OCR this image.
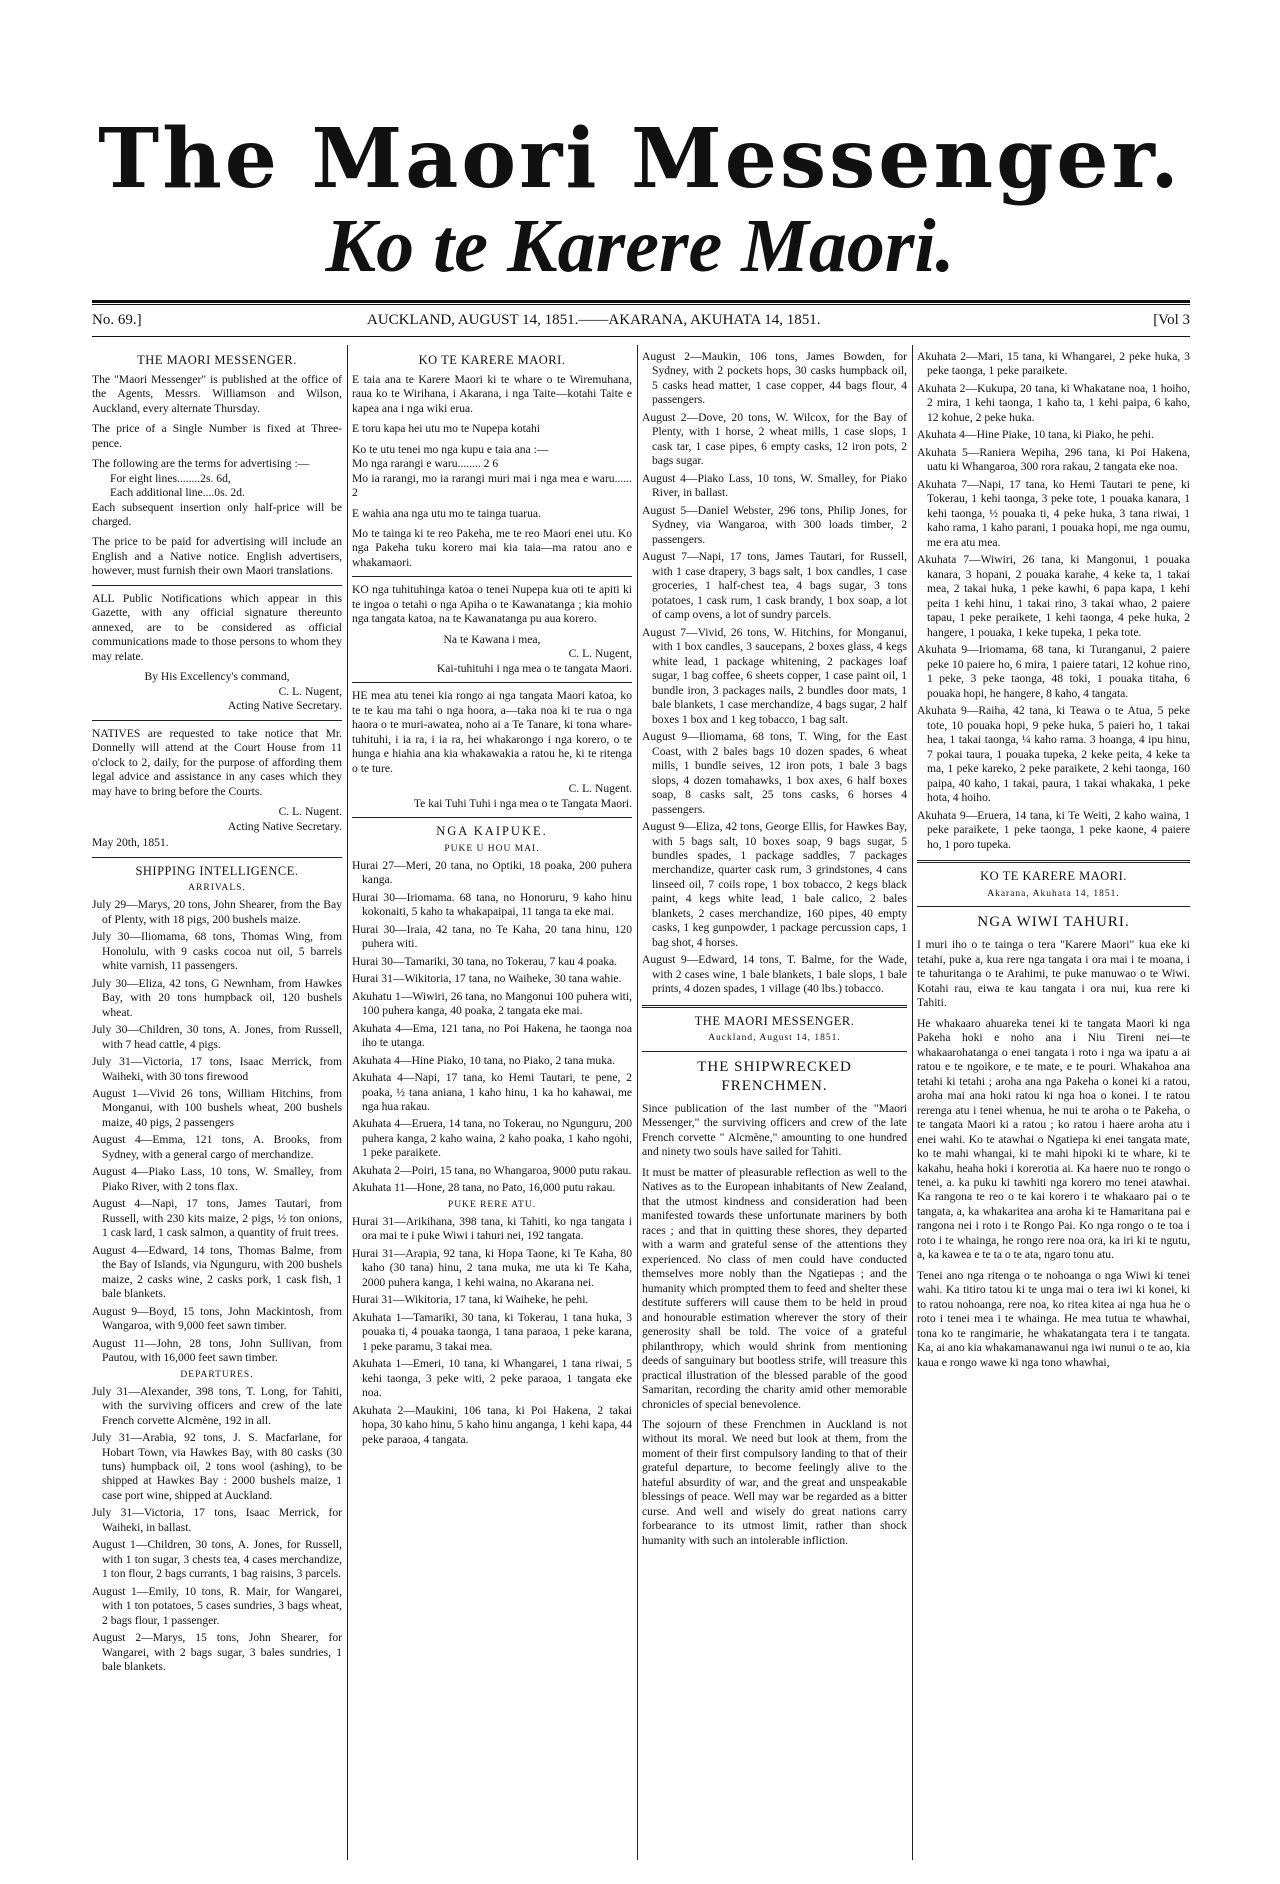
The Maori Messenger.
Ko te Karere Maori.
No. 69.]	AUCKLAND, AUGUST 14, 1851.——AKARANA, AKUHATA 14, 1851.	[Vol 3
THE MAORI MESSENGER.

The "Maori Messenger" is published at the office of the Agents, Messrs. Williamson and Wilson, Auckland, every alternate Thursday.

The price of a Single Number is fixed at Three-pence.

The following are the terms for advertising :—

For eight lines........2s. 6d,

Each additional line....0s. 2d.

Each subsequent insertion only half-price will be charged.

The price to be paid for advertising will include an English and a Native notice. English advertisers, however, must furnish their own Maori translations.

ALL Public Notifications which appear in this Gazette, with any official signature thereunto annexed, are to be considered as official communications made to those persons to whom they may relate.

By His Excellency's command,

C. L. Nugent,

Acting Native Secretary.

NATIVES are requested to take notice that Mr. Donnelly will attend at the Court House from 11 o'clock to 2, daily, for the purpose of affording them legal advice and assistance in any cases which they may have to bring before the Courts.

C. L. Nugent.

Acting Native Secretary.

May 20th, 1851.

SHIPPING INTELLIGENCE.
ARRIVALS.

July 29—Marys, 20 tons, John Shearer, from the Bay of Plenty, with 18 pigs, 200 bushels maize.

July 30—Iliomama, 68 tons, Thomas Wing, from Honolulu, with 9 casks cocoa nut oil, 5 barrels white varnish, 11 passengers.

July 30—Eliza, 42 tons, G Newnham, from Hawkes Bay, with 20 tons humpback oil, 120 bushels wheat.

July 30—Children, 30 tons, A. Jones, from Russell, with 7 head cattle, 4 pigs.

July 31—Victoria, 17 tons, Isaac Merrick, from Waiheki, with 30 tons firewood

August 1—Vivid 26 tons, William Hitchins, from Monganui, with 100 bushels wheat, 200 bushels maize, 40 pigs, 2 passengers

August 4—Emma, 121 tons, A. Brooks, from Sydney, with a general cargo of merchandize.

August 4—Piako Lass, 10 tons, W. Smalley, from Piako River, with 2 tons flax.

August 4—Napi, 17 tons, James Tautari, from Russell, with 230 kits maize, 2 pigs, ½ ton onions, 1 cask lard, 1 cask salmon, a quantity of fruit trees.

August 4—Edward, 14 tons, Thomas Balme, from the Bay of Islands, via Ngunguru, with 200 bushels maize, 2 casks wine, 2 casks pork, 1 cask fish, 1 bale blankets.

August 9—Boyd, 15 tons, John Mackintosh, from Wangaroa, with 9,000 feet sawn timber.

August 11—John, 28 tons, John Sullivan, from Pautou, with 16,000 feet sawn timber.

DEPARTURES.

July 31—Alexander, 398 tons, T. Long, for Tahiti, with the surviving officers and crew of the late French corvette Alcmène, 192 in all.

July 31—Arabia, 92 tons, J. S. Macfarlane, for Hobart Town, via Hawkes Bay, with 80 casks (30 tuns) humpback oil, 2 tons wool (ashing), to be shipped at Hawkes Bay : 2000 bushels maize, 1 case port wine, shipped at Auckland.

July 31—Victoria, 17 tons, Isaac Merrick, for Waiheki, in ballast.

August 1—Children, 30 tons, A. Jones, for Russell, with 1 ton sugar, 3 chests tea, 4 cases merchandize, 1 ton flour, 2 bags currants, 1 bag raisins, 3 parcels.

August 1—Emily, 10 tons, R. Mair, for Wangarei, with 1 ton potatoes, 5 cases sundries, 3 bags wheat, 2 bags flour, 1 passenger.

August 2—Marys, 15 tons, John Shearer, for Wangarei, with 2 bags sugar, 3 bales sundries, 1 bale blankets.

KO TE KARERE MAORI.

E taia ana te Karere Maori ki te whare o te Wiremuhana, raua ko te Wirihana, i Akarana, i nga Taite—kotahi Taite e kapea ana i nga wiki erua.

E toru kapa hei utu mo te Nupepa kotahi

Ko te utu tenei mo nga kupu e taia ana :—

Mo nga rarangi e waru........ 2 6

Mo ia rarangi, mo ia rarangi muri mai i nga mea e waru...... 2

E wahia ana nga utu mo te tainga tuarua.

Mo te tainga ki te reo Pakeha, me te reo Maori enei utu. Ko nga Pakeha tuku korero mai kia taia—ma ratou ano e whakamaori.

KO nga tuhituhinga katoa o tenei Nupepa kua oti te apiti ki te ingoa o tetahi o nga Apiha o te Kawanatanga ; kia mohio nga tangata katoa, na te Kawanatanga pu aua korero.

Na te Kawana i mea,

C. L. Nugent,

Kai-tuhituhi i nga mea o te tangata Maori.

HE mea atu tenei kia rongo ai nga tangata Maori katoa, ko te te kau ma tahi o nga hoora, a—taka noa ki te rua o nga haora o te muri-awatea, noho ai a Te Tanare, ki tona whare-tuhituhi, i ia ra, i ia ra, hei whakarongo i nga korero, o te hunga e hiahia ana kia whakawakia a ratou he, ki te ritenga o te ture.

C. L. Nugent.

Te kai Tuhi Tuhi i nga mea o te Tangata Maori.

NGA KAIPUKE.
PUKE U HOU MAI.

Hurai 27—Meri, 20 tana, no Optiki, 18 poaka, 200 puhera kanga.

Hurai 30—Iriomama. 68 tana, no Honoruru, 9 kaho hinu kokonaiti, 5 kaho ta whakapaipai, 11 tanga ta eke mai.

Hurai 30—Iraia, 42 tana, no Te Kaha, 20 tana hinu, 120 puhera witi.

Hurai 30—Tamariki, 30 tana, no Tokerau, 7 kau 4 poaka.

Hurai 31—Wikitoria, 17 tana, no Waiheke, 30 tana wahie.

Akuhatu 1—Wiwiri, 26 tana, no Mangonui 100 puhera witi, 100 puhera kanga, 40 poaka, 2 tangata eke mai.

Akuhata 4—Ema, 121 tana, no Poi Hakena, he taonga noa iho te utanga.

Akuhata 4—Hine Piako, 10 tana, no Piako, 2 tana muka.

Akuhata 4—Napi, 17 tana, ko Hemi Tautari, te pene, 2 poaka, ½ tana aniana, 1 kaho hinu, 1 ka ho kahawai, me nga hua rakau.

Akuhata 4—Eruera, 14 tana, no Tokerau, no Ngunguru, 200 puhera kanga, 2 kaho waina, 2 kaho poaka, 1 kaho ngohi, 1 peke paraikete.

Akuhata 2—Poiri, 15 tana, no Whangaroa, 9000 putu rakau.

Akuhata 11—Hone, 28 tana, no Pato, 16,000 putu rakau.

PUKE RERE ATU.

Hurai 31—Arikihana, 398 tana, ki Tahiti, ko nga tangata i ora mai te i puke Wiwi i tahuri nei, 192 tangata.

Hurai 31—Arapia, 92 tana, ki Hopa Taone, ki Te Kaha, 80 kaho (30 tana) hinu, 2 tana muka, me uta ki Te Kaha, 2000 puhera kanga, 1 kehi waina, no Akarana nei.

Hurai 31—Wikitoria, 17 tana, ki Waiheke, he pehi.

Akuhata 1—Tamariki, 30 tana, ki Tokerau, 1 tana huka, 3 pouaka ti, 4 pouaka taonga, 1 tana paraoa, 1 peke karana, 1 peke paramu, 3 takai mea.

Akuhata 1—Emeri, 10 tana, ki Whangarei, 1 tana riwai, 5 kehi taonga, 3 peke witi, 2 peke paraoa, 1 tangata eke noa.

Akuhata 2—Maukini, 106 tana, ki Poi Hakena, 2 takai hopa, 30 kaho hinu, 5 kaho hinu anganga, 1 kehi kapa, 44 peke paraoa, 4 tangata.

August 2—Maukin, 106 tons, James Bowden, for Sydney, with 2 pockets hops, 30 casks humpback oil, 5 casks head matter, 1 case copper, 44 bags flour, 4 passengers.

August 2—Dove, 20 tons, W. Wilcox, for the Bay of Plenty, with 1 horse, 2 wheat mills, 1 case slops, 1 cask tar, 1 case pipes, 6 empty casks, 12 iron pots, 2 bags sugar.

August 4—Piako Lass, 10 tons, W. Smalley, for Piako River, in ballast.

August 5—Daniel Webster, 296 tons, Philip Jones, for Sydney, via Wangaroa, with 300 loads timber, 2 passengers.

August 7—Napi, 17 tons, James Tautari, for Russell, with 1 case drapery, 3 bags salt, 1 box candles, 1 case groceries, 1 half-chest tea, 4 bags sugar, 3 tons potatoes, 1 cask rum, 1 cask brandy, 1 box soap, a lot of camp ovens, a lot of sundry parcels.

August 7—Vivid, 26 tons, W. Hitchins, for Monganui, with 1 box candles, 3 saucepans, 2 boxes glass, 4 kegs white lead, 1 package whitening, 2 packages loaf sugar, 1 bag coffee, 6 sheets copper, 1 case paint oil, 1 bundle iron, 3 packages nails, 2 bundles door mats, 1 bale blankets, 1 case merchandize, 4 bags sugar, 2 half boxes 1 box and 1 keg tobacco, 1 bag salt.

August 9—Iliomama, 68 tons, T. Wing, for the East Coast, with 2 bales bags 10 dozen spades, 6 wheat mills, 1 bundle seives, 12 iron pots, 1 bale 3 bags slops, 4 dozen tomahawks, 1 box axes, 6 half boxes soap, 8 casks salt, 25 tons casks, 6 horses 4 passengers.

August 9—Eliza, 42 tons, George Ellis, for Hawkes Bay, with 5 bags salt, 10 boxes soap, 9 bags sugar, 5 bundles spades, 1 package saddles, 7 packages merchandize, quarter cask rum, 3 grindstones, 4 cans linseed oil, 7 coils rope, 1 box tobacco, 2 kegs black paint, 4 kegs white lead, 1 bale calico, 2 bales blankets, 2 cases merchandize, 160 pipes, 40 empty casks, 1 keg gunpowder, 1 package percussion caps, 1 bag shot, 4 horses.

August 9—Edward, 14 tons, T. Balme, for the Wade, with 2 cases wine, 1 bale blankets, 1 bale slops, 1 bale prints, 4 dozen spades, 1 village (40 lbs.) tobacco.

THE MAORI MESSENGER.
Auckland, August 14, 1851.
THE SHIPWRECKED FRENCHMEN.

Since publication of the last number of the "Maori Messenger," the surviving officers and crew of the late French corvette " Alcmène," amounting to one hundred and ninety two souls have sailed for Tahiti.

It must be matter of pleasurable reflection as well to the Natives as to the European inhabitants of New Zealand, that the utmost kindness and consideration had been manifested towards these unfortunate mariners by both races ; and that in quitting these shores, they departed with a warm and grateful sense of the attentions they experienced. No class of men could have conducted themselves more nobly than the Ngatiepas ; and the humanity which prompted them to feed and shelter these destitute sufferers will cause them to be held in proud and honourable estimation wherever the story of their generosity shall be told. The voice of a grateful philanthropy, which would shrink from mentioning deeds of sanguinary but bootless strife, will treasure this practical illustration of the blessed parable of the good Samaritan, recording the charity amid other memorable chronicles of special benevolence.

The sojourn of these Frenchmen in Auckland is not without its moral. We need but look at them, from the moment of their first compulsory landing to that of their grateful departure, to become feelingly alive to the hateful absurdity of war, and the great and unspeakable blessings of peace. Well may war be regarded as a bitter curse. And well and wisely do great nations carry forbearance to its utmost limit, rather than shock humanity with such an intolerable infliction.

Akuhata 2—Mari, 15 tana, ki Whangarei, 2 peke huka, 3 peke taonga, 1 peke paraikete.

Akuhata 2—Kukupa, 20 tana, ki Whakatane noa, 1 hoiho, 2 mira, 1 kehi taonga, 1 kaho ta, 1 kehi paipa, 6 kaho, 12 kohue, 2 peke huka.

Akuhata 4—Hine Piake, 10 tana, ki Piako, he pehi.

Akuhata 5—Raniera Wepiha, 296 tana, ki Poi Hakena, uatu ki Whangaroa, 300 rora rakau, 2 tangata eke noa.

Akuhata 7—Napi, 17 tana, ko Hemi Tautari te pene, ki Tokerau, 1 kehi taonga, 3 peke tote, 1 pouaka kanara, 1 kehi taonga, ½ pouaka ti, 4 peke huka, 3 tana riwai, 1 kaho rama, 1 kaho parani, 1 pouaka hopi, me nga oumu, me era atu mea.

Akuhata 7—Wiwiri, 26 tana, ki Mangonui, 1 pouaka kanara, 3 hopani, 2 pouaka karahe, 4 keke ta, 1 takai mea, 2 takai huka, 1 peke kawhi, 6 papa kapa, 1 kehi peita 1 kehi hinu, 1 takai rino, 3 takai whao, 2 paiere tapau, 1 peke peraikete, 1 kehi taonga, 4 peke huka, 2 hangere, 1 pouaka, 1 keke tupeka, 1 peka tote.

Akuhata 9—Iriomama, 68 tana, ki Turanganui, 2 paiere peke 10 paiere ho, 6 mira, 1 paiere tatari, 12 kohue rino, 1 peke, 3 peke taonga, 48 toki, 1 pouaka titaha, 6 pouaka hopi, he hangere, 8 kaho, 4 tangata.

Akuhata 9—Raiha, 42 tana, ki Teawa o te Atua, 5 peke tote, 10 pouaka hopi, 9 peke huka, 5 paieri ho, 1 takai hea, 1 takai taonga, ¼ kaho rama. 3 hoanga, 4 ipu hinu, 7 pokai taura, 1 pouaka tupeka, 2 keke peita, 4 keke ta ma, 1 peke kareko, 2 peke paraikete, 2 kehi taonga, 160 paipa, 40 kaho, 1 takai, paura, 1 takai whakaka, 1 peke hota, 4 hoiho.

Akuhata 9—Eruera, 14 tana, ki Te Weiti, 2 kaho waina, 1 peke paraikete, 1 peke taonga, 1 peke kaone, 4 paiere ho, 1 poro tupeka.

KO TE KARERE MAORI.
Akarana, Akuhata 14, 1851.
NGA WIWI TAHURI.

I muri iho o te tainga o tera "Karere Maori" kua eke ki tetahi, puke a, kua rere nga tangata i ora mai i te moana, i te tahuritanga o te Arahimi, te puke manuwao o te Wiwi. Kotahi rau, eiwa te kau tangata i ora nui, kua rere ki Tahiti.

He whakaaro ahuareka tenei ki te tangata Maori ki nga Pakeha hoki e noho ana i Niu Tireni nei—te whakaarohatanga o enei tangata i roto i nga wa ipatu a ai ratou e te ngoikore, e te mate, e te pouri. Whakahoa ana tetahi ki tetahi ; aroha ana nga Pakeha o konei ki a ratou, aroha mai ana hoki ratou ki nga hoa o konei. I te ratou rerenga atu i tenei whenua, he nui te aroha o te Pakeha, o te tangata Maori ki a ratou ; ko ratou i haere aroha atu i enei wahi. Ko te atawhai o Ngatiepa ki enei tangata mate, ko te mahi whangai, ki te mahi hipoki ki te whare, ki te kakahu, heaha hoki i korerotia ai. Ka haere nuo te rongo o tenei, a. ka puku ki tawhiti nga korero mo tenei atawhai. Ka rangona te reo o te kai korero i te whakaaro pai o te tangata, a, ka whakaritea ana aroha ki te Hamaritana pai e rangona nei i roto i te Rongo Pai. Ko nga rongo o te toa i roto i te whainga, he rongo rere noa ora, ka iri ki te ngutu, a, ka kawea e te ta o te ata, ngaro tonu atu.

Tenei ano nga ritenga o te nohoanga o nga Wiwi ki tenei wahi. Ka titiro tatou ki te unga mai o tera iwi ki konei, ki to ratou nohoanga, rere noa, ko ritea kitea ai nga hua he o roto i tenei mea i te whainga. He mea tutua te whawhai, tona ko te rangimarie, he whakatangata tera i te tangata. Ka, ai ano kia whakamanawanui nga iwi nunui o te ao, kia kaua e rongo wawe ki nga tono whawhai,
